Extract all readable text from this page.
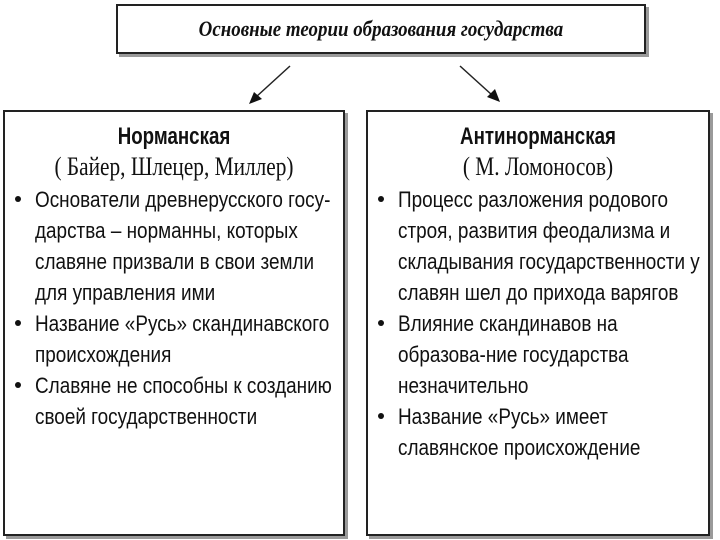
Основные теории образования государства
Норманская
( Байер, Шлецер, Миллер)
Основатели древнерусского госу-дарства – норманны, которых славяне призвали в свои земли для управления ими
Название «Русь» скандинавского происхождения
Славяне не способны к созданию своей государственности
Антинорманская
( М. Ломоносов)
Процесс разложения родового строя, развития феодализма и складывания государственности у славян шел до прихода варягов
Влияние скандинавов на образова-ние государства незначительно
Название «Русь» имеет славянское происхождение
